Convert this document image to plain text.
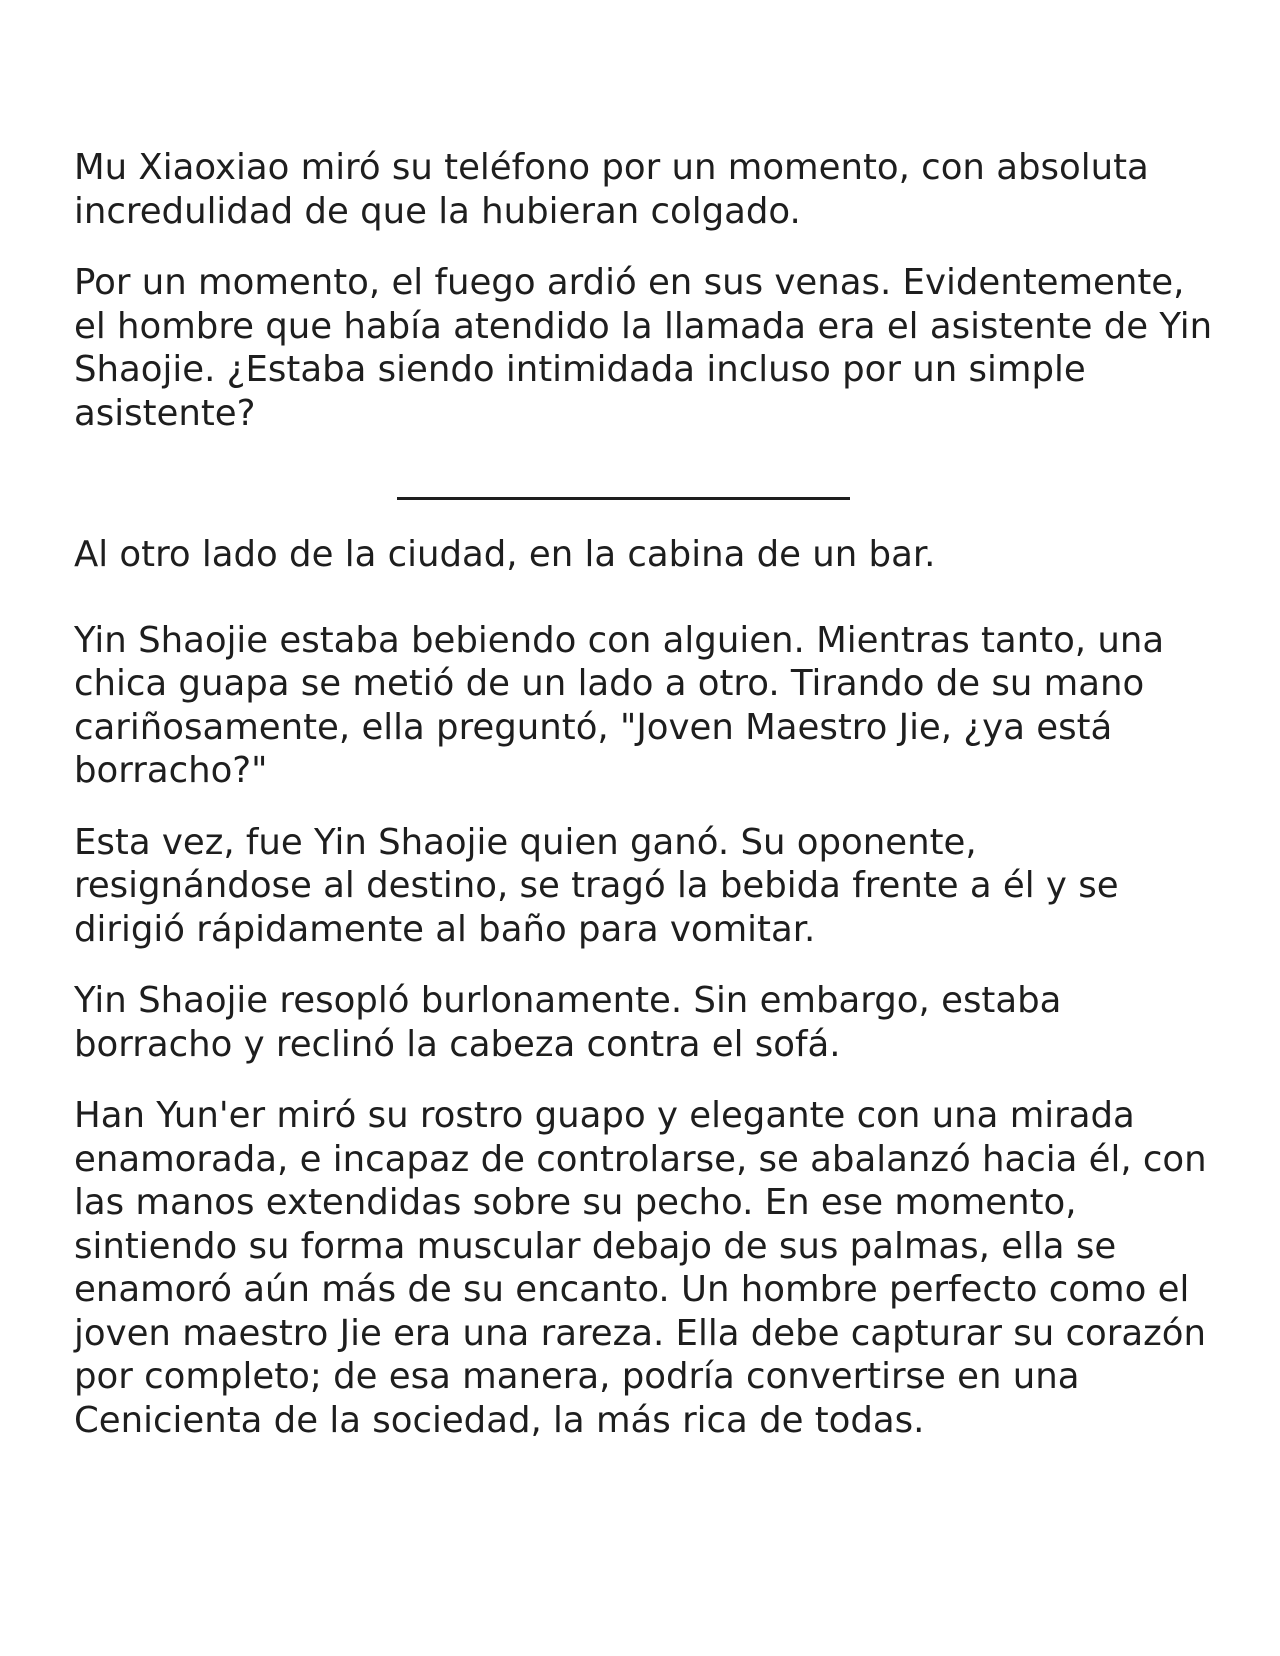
Mu Xiaoxiao miró su teléfono por un momento, con absoluta incredulidad de que la hubieran colgado.

Por un momento, el fuego ardió en sus venas. Evidentemente, el hombre que había atendido la llamada era el asistente de Yin Shaojie. ¿Estaba siendo intimidada incluso por un simple asistente?

Al otro lado de la ciudad, en la cabina de un bar.

Yin Shaojie estaba bebiendo con alguien. Mientras tanto, una chica guapa se metió de un lado a otro. Tirando de su mano cariñosamente, ella preguntó, "Joven Maestro Jie, ¿ya está borracho?"

Esta vez, fue Yin Shaojie quien ganó. Su oponente, resignándose al destino, se tragó la bebida frente a él y se dirigió rápidamente al baño para vomitar.

Yin Shaojie resopló burlonamente. Sin embargo, estaba borracho y reclinó la cabeza contra el sofá.

Han Yun'er miró su rostro guapo y elegante con una mirada enamorada, e incapaz de controlarse, se abalanzó hacia él, con las manos extendidas sobre su pecho. En ese momento, sintiendo su forma muscular debajo de sus palmas, ella se enamoró aún más de su encanto. Un hombre perfecto como el joven maestro Jie era una rareza. Ella debe capturar su corazón por completo; de esa manera, podría convertirse en una Cenicienta de la sociedad, la más rica de todas.
